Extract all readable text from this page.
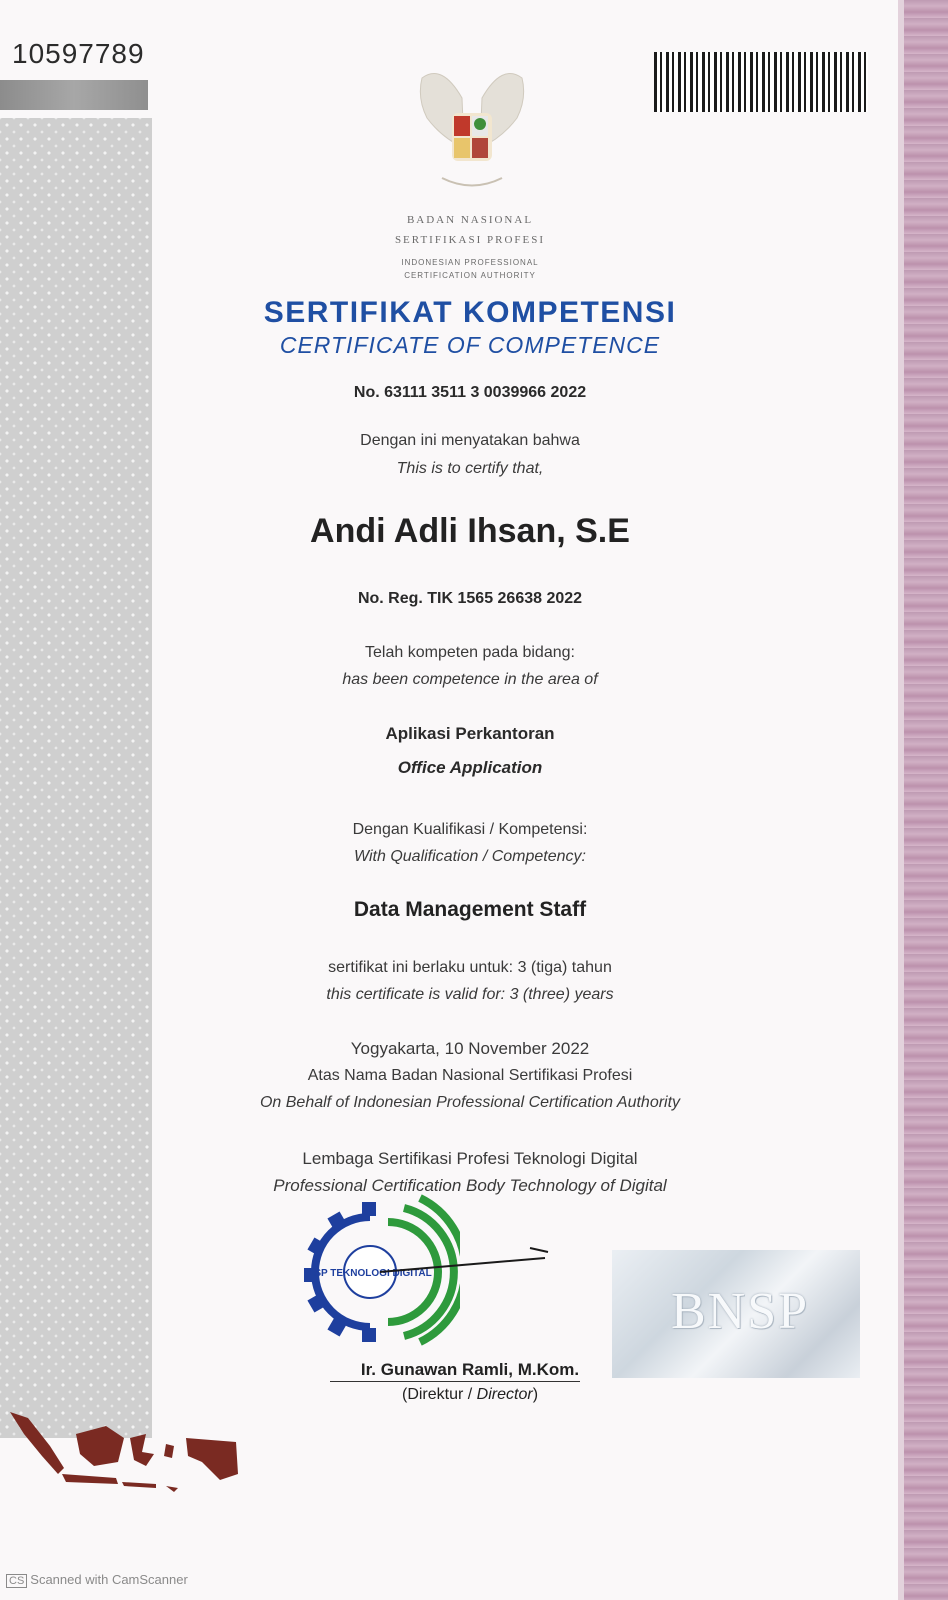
10597789
BADAN NASIONAL
SERTIFIKASI PROFESI
INDONESIAN PROFESSIONAL
CERTIFICATION AUTHORITY
SERTIFIKAT KOMPETENSI
CERTIFICATE OF COMPETENCE
No. 63111 3511 3 0039966 2022
Dengan ini menyatakan bahwa
This is to certify that,
Andi Adli Ihsan, S.E
No. Reg. TIK 1565 26638 2022
Telah kompeten pada bidang:
has been competence in the area of
Aplikasi Perkantoran
Office Application
Dengan Kualifikasi / Kompetensi:
With Qualification / Competency:
Data Management Staff
sertifikat ini berlaku untuk: 3 (tiga) tahun
this certificate is valid for: 3 (three) years
Yogyakarta, 10 November 2022
Atas Nama Badan Nasional Sertifikasi Profesi
On Behalf of Indonesian Professional Certification Authority
Lembaga Sertifikasi Profesi Teknologi Digital
Professional Certification Body Technology of Digital
LSP TEKNOLOGI DIGITAL
BNSP
Ir. Gunawan Ramli, M.Kom.
(Direktur / Director)
CS Scanned with CamScanner
